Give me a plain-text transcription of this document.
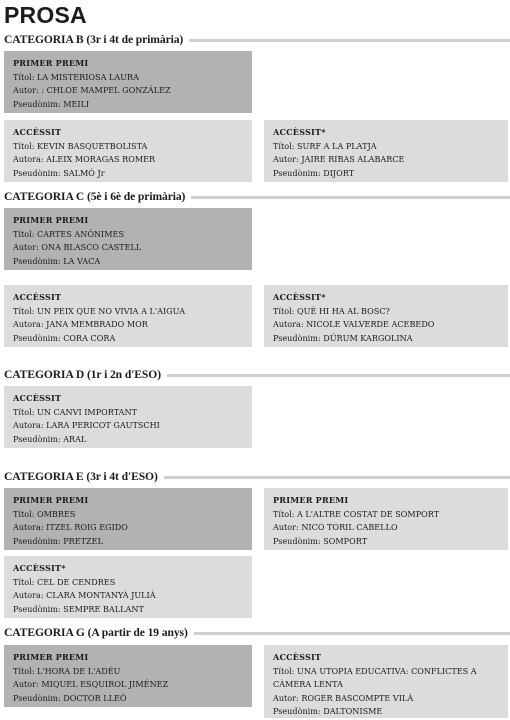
PROSA
CATEGORIA B (3r i 4t de primària)
PRIMER PREMI
Títol: LA MISTERIOSA LAURA
Autor: : CHLOE MAMPEL GONZÁLEZ
Pseudònim: MEILI
ACCÈSSIT
Títol: KEVIN BASQUETBOLISTA
Autora: ALEIX MORAGAS ROMER
Pseudònim: SALMÓ Jr
ACCÈSSIT*
Títol: SURF A LA PLATJA
Autor: JAIRE RIBAS ALABARCE
Pseudònim: DIJORT
CATEGORIA C (5è i 6è de primària)
PRIMER PREMI
Títol: CARTES ANÒNIMES
Autor: ONA BLASCO CASTELL
Pseudònim: LA VACA
ACCÈSSIT
Títol: UN PEIX QUE NO VIVIA A L'AIGUA
Autora: JANA MEMBRADO MOR
Pseudònim: CORA CORA
ACCÈSSIT*
Títol: QUÈ HI HA AL BOSC?
Autora: NICOLE VALVERDE ACEBEDO
Pseudònim: DÚRUM KARGOLINA
CATEGORIA D (1r i 2n d'ESO)
ACCÈSSIT
Títol: UN CANVI IMPORTANT
Autora: LARA PERICOT GAUTSCHI
Pseudònim: ARAL
CATEGORIA E (3r i 4t d'ESO)
PRIMER PREMI
Títol: OMBRES
Autora: ITZEL ROIG EGIDO
Pseudònim: PRETZEL
PRIMER PREMI
Títol: A L'ALTRE COSTAT DE SOMPORT
Autor: NICO TORIL CABELLO
Pseudònim: SOMPORT
ACCÈSSIT*
Títol: CEL DE CENDRES
Autora: CLARA MONTANYÀ JULIÀ
Pseudònim: SEMPRE BALLANT
CATEGORIA G (A partir de 19 anys)
PRIMER PREMI
Títol: L'HORA DE L'ADÉU
Autor: MIQUEL ESQUIROL JIMÉNEZ
Pseudònim: DOCTOR LLEÓ
ACCÈSSIT
Títol: UNA UTOPIA EDUCATIVA: CONFLICTES A
CÀMERA LENTA
Autor: ROGER BASCOMPTE VILÀ
Pseudònim: DALTONISME
